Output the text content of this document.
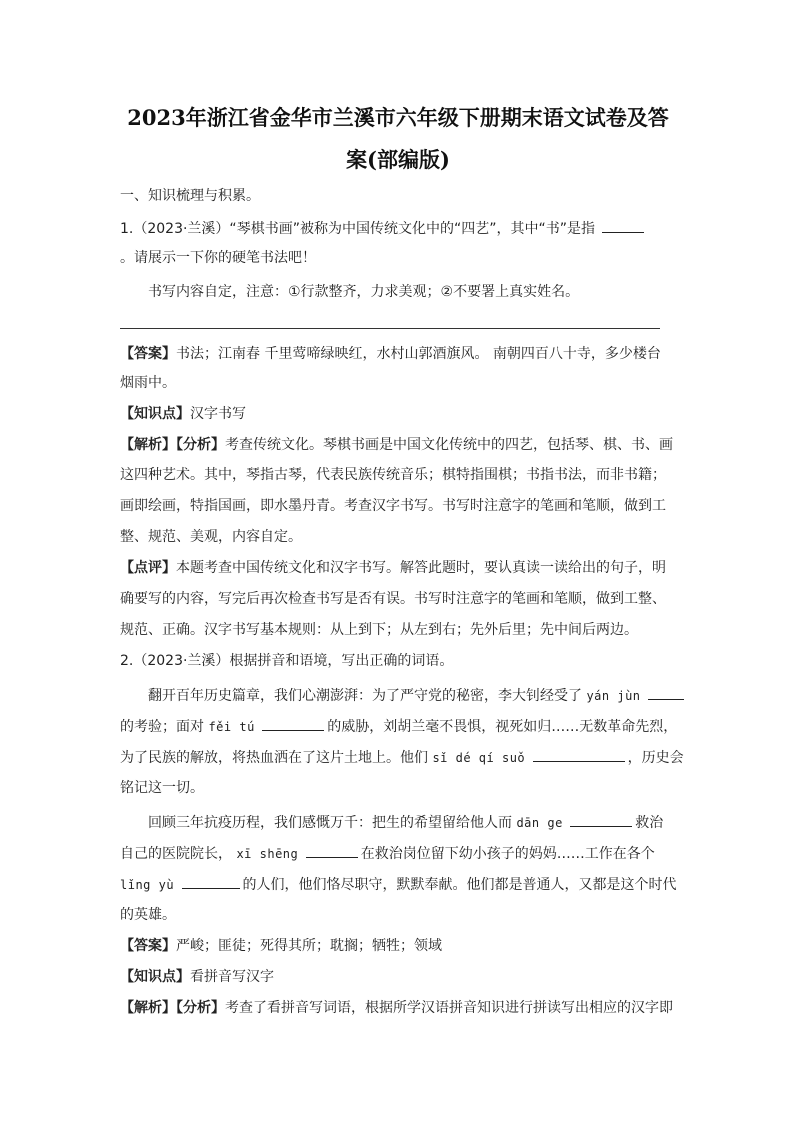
2023年浙江省金华市兰溪市六年级下册期末语文试卷及答
案(部编版)
一、知识梳理与积累。
1.（2023·兰溪）“琴棋书画”被称为中国传统文化中的“四艺”，其中“书”是指
。请展示一下你的硬笔书法吧！
书写内容自定，注意：①行款整齐，力求美观；②不要署上真实姓名。
【答案】书法；江南春 千里莺啼绿映红，水村山郭酒旗风。 南朝四百八十寺，多少楼台
烟雨中。
【知识点】汉字书写
【解析】【分析】考查传统文化。琴棋书画是中国文化传统中的四艺，包括琴、棋、书、画
这四种艺术。其中，琴指古琴，代表民族传统音乐；棋特指围棋；书指书法，而非书籍；
画即绘画，特指国画，即水墨丹青。考查汉字书写。书写时注意字的笔画和笔顺，做到工
整、规范、美观，内容自定。
【点评】本题考查中国传统文化和汉字书写。解答此题时，要认真读一读给出的句子，明
确要写的内容，写完后再次检查书写是否有误。书写时注意字的笔画和笔顺，做到工整、
规范、正确。汉字书写基本规则：从上到下；从左到右；先外后里；先中间后两边。
2.（2023·兰溪）根据拼音和语境，写出正确的词语。
翻开百年历史篇章，我们心潮澎湃：为了严守党的秘密，李大钊经受了 yán jùn
的考验；面对 fěi tú	的威胁，刘胡兰毫不畏惧，视死如归……无数革命先烈，
为了民族的解放，将热血洒在了这片土地上。他们 sǐ dé qí suǒ	，历史会
铭记这一切。
回顾三年抗疫历程，我们感慨万千：把生的希望留给他人而 dān ge	救治
自己的医院院长， xī shēng	在救治岗位留下幼小孩子的妈妈……工作在各个
lǐng yù	的人们，他们恪尽职守，默默奉献。他们都是普通人，又都是这个时代
的英雄。
【答案】严峻；匪徒；死得其所；耽搁；牺牲；领域
【知识点】看拼音写汉字
【解析】【分析】考查了看拼音写词语，根据所学汉语拼音知识进行拼读写出相应的汉字即
